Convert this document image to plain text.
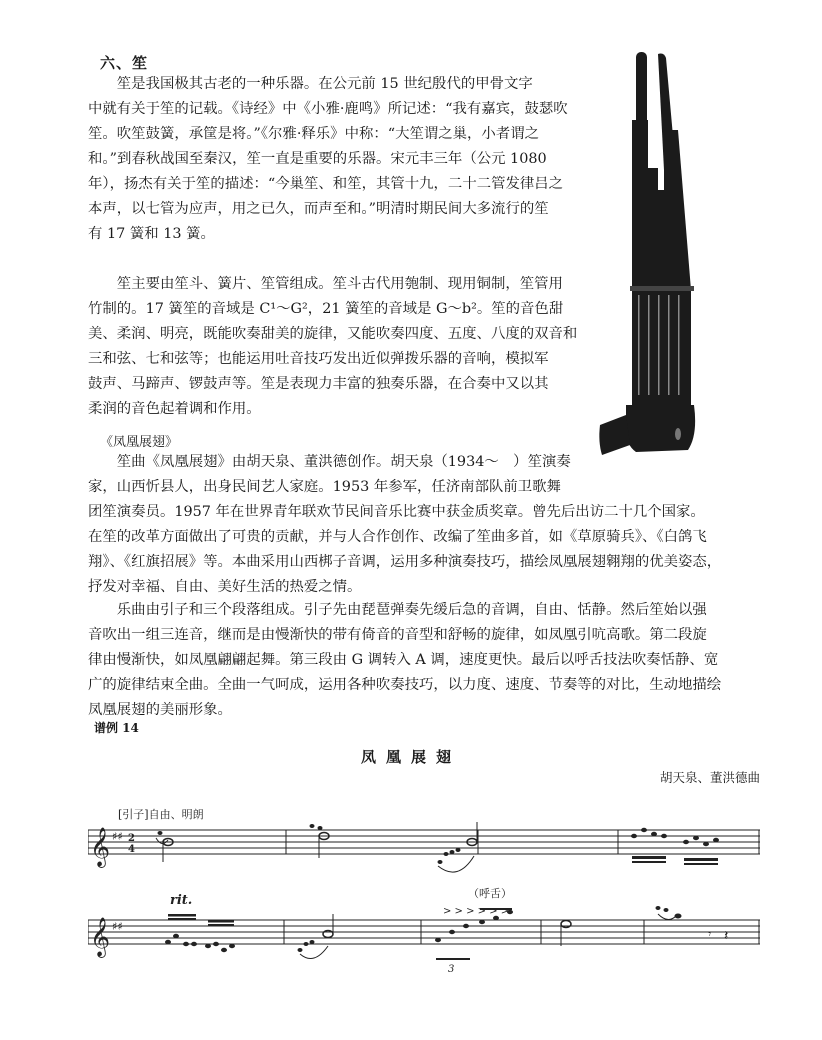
六、笙
　　笙是我国极其古老的一种乐器。在公元前 15 世纪殷代的甲骨文字
中就有关于笙的记载。《诗经》中《小雅·鹿鸣》所记述：“我有嘉宾，鼓瑟吹
笙。吹笙鼓簧，承筐是将。”《尔雅·释乐》中称：“大笙谓之巢，小者谓之
和。”到春秋战国至秦汉，笙一直是重要的乐器。宋元丰三年（公元 1080
年），扬杰有关于笙的描述：“今巢笙、和笙，其管十九，二十二管发律吕之
本声，以七管为应声，用之已久，而声至和。”明清时期民间大多流行的笙
有 17 簧和 13 簧。
　　笙主要由笙斗、簧片、笙管组成。笙斗古代用匏制、现用铜制，笙管用
竹制的。17 簧笙的音域是 C¹～G²，21 簧笙的音域是 G～b²。笙的音色甜
美、柔润、明亮，既能吹奏甜美的旋律，又能吹奏四度、五度、八度的双音和
三和弦、七和弦等；也能运用吐音技巧发出近似弹拨乐器的音响，模拟军
鼓声、马蹄声、锣鼓声等。笙是表现力丰富的独奏乐器，在合奏中又以其
柔润的音色起着调和作用。
《凤凰展翅》
　　笙曲《凤凰展翅》由胡天泉、董洪德创作。胡天泉（1934～　）笙演奏
家，山西忻县人，出身民间艺人家庭。1953 年参军，任济南部队前卫歌舞
团笙演奏员。1957 年在世界青年联欢节民间音乐比赛中获金质奖章。曾先后出访二十几个国家。
在笙的改革方面做出了可贵的贡献，并与人合作创作、改编了笙曲多首，如《草原骑兵》、《白鸽飞
翔》、《红旗招展》等。本曲采用山西梆子音调，运用多种演奏技巧，描绘凤凰展翅翱翔的优美姿态，
抒发对幸福、自由、美好生活的热爱之情。
　　乐曲由引子和三个段落组成。引子先由琵琶弹奏先缓后急的音调，自由、恬静。然后笙始以强
音吹出一组三连音，继而是由慢渐快的带有倚音的音型和舒畅的旋律，如凤凰引吭高歌。第二段旋
律由慢渐快，如凤凰翩翩起舞。第三段由 G 调转入 A 调，速度更快。最后以呼舌技法吹奏恬静、宽
广的旋律结束全曲。全曲一气呵成，运用各种吹奏技巧，以力度、速度、节奏等的对比，生动地描绘
凤凰展翅的美丽形象。
谱例 14
凤凰展翅
胡天泉、董洪德曲
𝄞 ♯♯ 2
4
[引子]自由、明朗
𝄞 ♯♯
rit.	（呼舌）
3
> > > > > >
𝄾 𝄽
